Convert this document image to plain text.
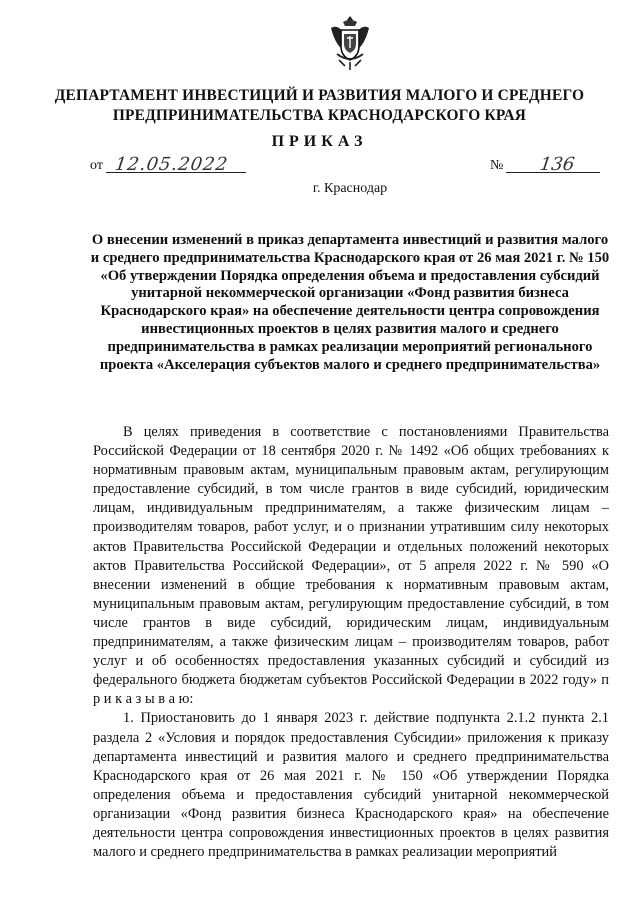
ДЕПАРТАМЕНТ ИНВЕСТИЦИЙ И РАЗВИТИЯ МАЛОГО И СРЕДНЕГО
ПРЕДПРИНИМАТЕЛЬСТВА КРАСНОДАРСКОГО КРАЯ
ПРИКАЗ
от 12.05.2022	№ 136
г. Краснодар
О внесении изменений в приказ департамента инвестиций и развития малого и среднего предпринимательства Краснодарского края от 26 мая 2021 г. № 150 «Об утверждении Порядка определения объема и предоставления субсидий унитарной некоммерческой организации «Фонд развития бизнеса Краснодарского края» на обеспечение деятельности центра сопровождения инвестиционных проектов в целях развития малого и среднего предпринимательства в рамках реализации мероприятий регионального проекта «Акселерация субъектов малого и среднего предпринимательства»

В целях приведения в соответствие с постановлениями Правительства Российской Федерации от 18 сентября 2020 г. № 1492 «Об общих требованиях к нормативным правовым актам, муниципальным правовым актам, регулирующим предоставление субсидий, в том числе грантов в виде субсидий, юридическим лицам, индивидуальным предпринимателям, а также физическим лицам – производителям товаров, работ услуг, и о признании утратившим силу некоторых актов Правительства Российской Федерации и отдельных положений некоторых актов Правительства Российской Федерации», от 5 апреля 2022 г. № 590 «О внесении изменений в общие требования к нормативным правовым актам, муниципальным правовым актам, регулирующим предоставление субсидий, в том числе грантов в виде субсидий, юридическим лицам, индивидуальным предпринимателям, а также физическим лицам – производителям товаров, работ услуг и об особенностях предоставления указанных субсидий и субсидий из федерального бюджета бюджетам субъектов Российской Федерации в 2022 году» п р и к а з ы в а ю:

1. Приостановить до 1 января 2023 г. действие подпункта 2.1.2 пункта 2.1 раздела 2 «Условия и порядок предоставления Субсидии» приложения к приказу департамента инвестиций и развития малого и среднего предпринимательства Краснодарского края от 26 мая 2021 г. № 150 «Об утверждении Порядка определения объема и предоставления субсидий унитарной некоммерческой организации «Фонд развития бизнеса Краснодарского края» на обеспечение деятельности центра сопровождения инвестиционных проектов в целях развития малого и среднего предпринимательства в рамках реализации мероприятий
